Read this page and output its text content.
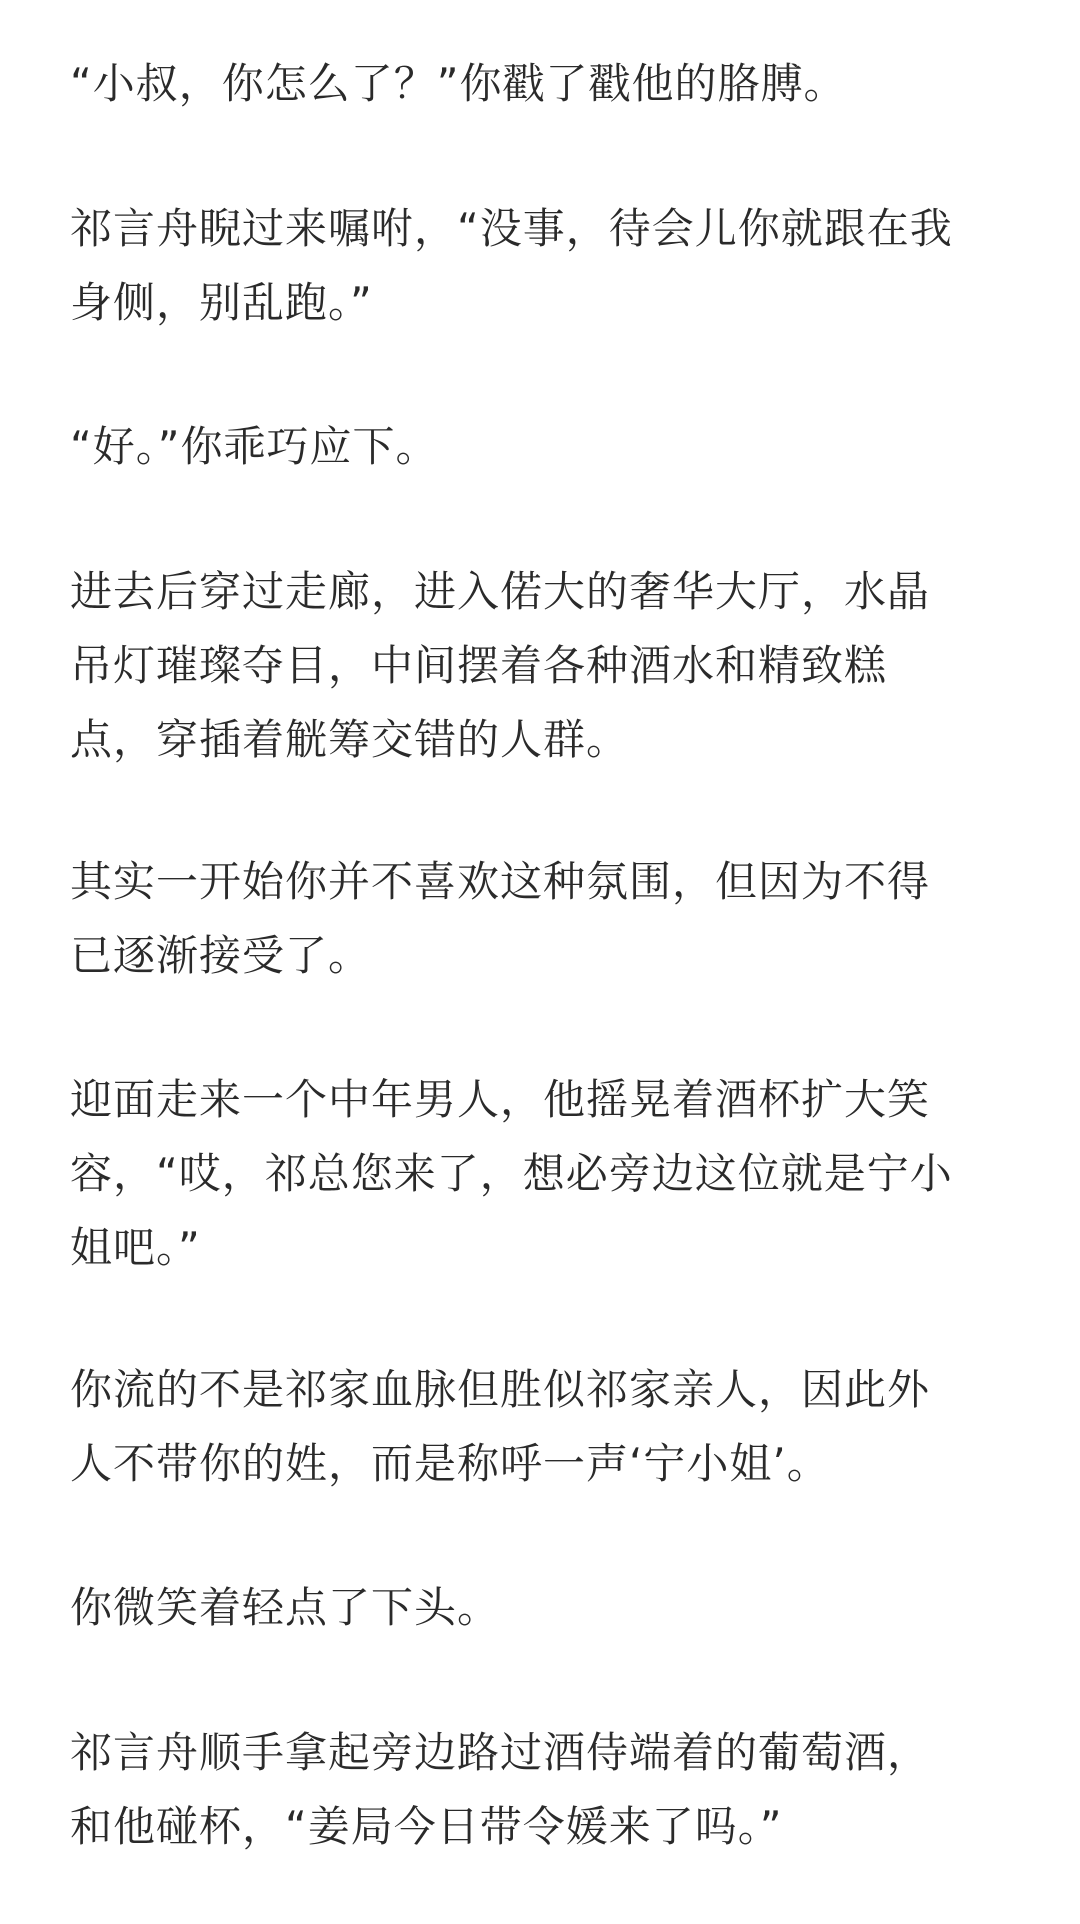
“小叔，你怎么了？”你戳了戳他的胳膊。
祁言舟睨过来嘱咐，“没事，待会儿你就跟在我
身侧，别乱跑。”
“好。”你乖巧应下。
进去后穿过走廊，进入偌大的奢华大厅，水晶
吊灯璀璨夺目，中间摆着各种酒水和精致糕
点，穿插着觥筹交错的人群。
其实一开始你并不喜欢这种氛围，但因为不得
已逐渐接受了。
迎面走来一个中年男人，他摇晃着酒杯扩大笑
容，“哎，祁总您来了，想必旁边这位就是宁小
姐吧。”
你流的不是祁家血脉但胜似祁家亲人，因此外
人不带你的姓，而是称呼一声‘宁小姐’。
你微笑着轻点了下头。
祁言舟顺手拿起旁边路过酒侍端着的葡萄酒，
和他碰杯，“姜局今日带令媛来了吗。”
